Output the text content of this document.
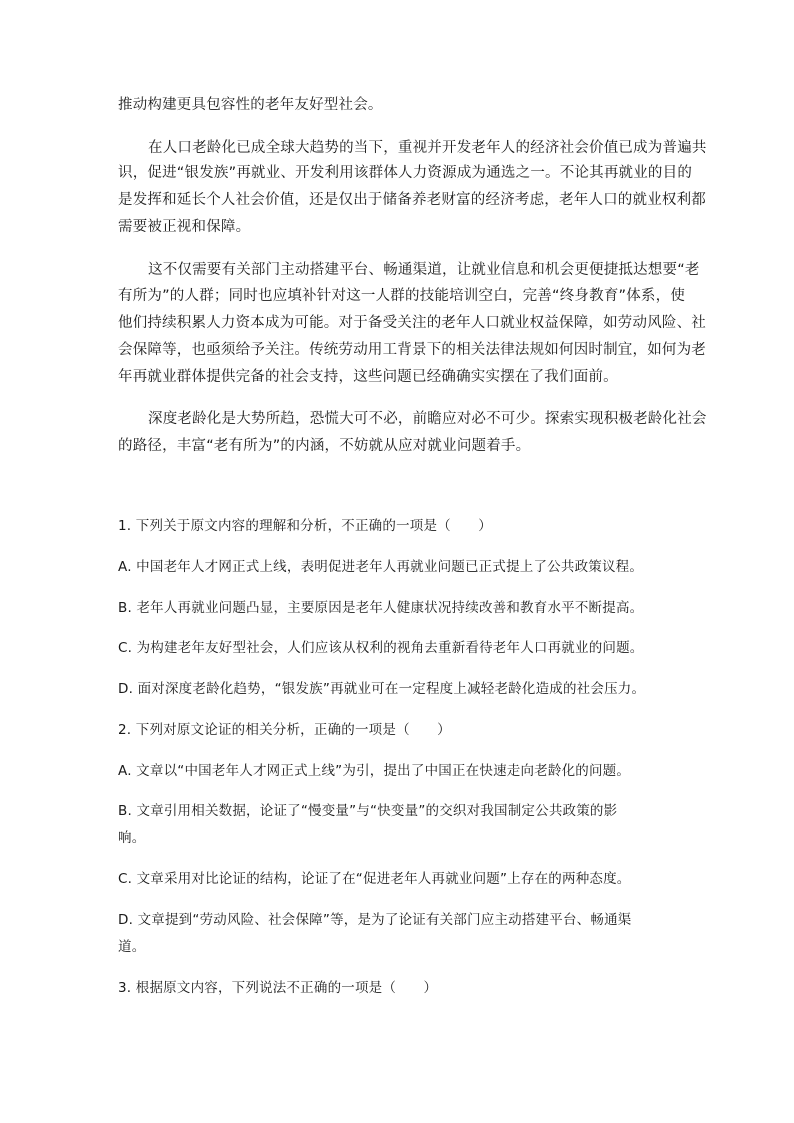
推动构建更具包容性的老年友好型社会。
在人口老龄化已成全球大趋势的当下，重视并开发老年人的经济社会价值已成为普遍共
识，促进“银发族”再就业、开发利用该群体人力资源成为通选之一。不论其再就业的目的
是发挥和延长个人社会价值，还是仅出于储备养老财富的经济考虑，老年人口的就业权利都
需要被正视和保障。
这不仅需要有关部门主动搭建平台、畅通渠道，让就业信息和机会更便捷抵达想要“老
有所为”的人群；同时也应填补针对这一人群的技能培训空白，完善“终身教育”体系，使
他们持续积累人力资本成为可能。对于备受关注的老年人口就业权益保障，如劳动风险、社
会保障等，也亟须给予关注。传统劳动用工背景下的相关法律法规如何因时制宜，如何为老
年再就业群体提供完备的社会支持，这些问题已经确确实实摆在了我们面前。
深度老龄化是大势所趋，恐慌大可不必，前瞻应对必不可少。探索实现积极老龄化社会
的路径，丰富“老有所为”的内涵，不妨就从应对就业问题着手。
1. 下列关于原文内容的理解和分析，不正确的一项是（　　）
A. 中国老年人才网正式上线，表明促进老年人再就业问题已正式提上了公共政策议程。
B. 老年人再就业问题凸显，主要原因是老年人健康状况持续改善和教育水平不断提高。
C. 为构建老年友好型社会，人们应该从权利的视角去重新看待老年人口再就业的问题。
D. 面对深度老龄化趋势，“银发族”再就业可在一定程度上减轻老龄化造成的社会压力。
2. 下列对原文论证的相关分析，正确的一项是（　　）
A. 文章以“中国老年人才网正式上线”为引，提出了中国正在快速走向老龄化的问题。
B. 文章引用相关数据，论证了“慢变量”与“快变量”的交织对我国制定公共政策的影
响。
C. 文章采用对比论证的结构，论证了在“促进老年人再就业问题”上存在的两种态度。
D. 文章提到“劳动风险、社会保障”等，是为了论证有关部门应主动搭建平台、畅通渠
道。
3. 根据原文内容，下列说法不正确的一项是（　　）
